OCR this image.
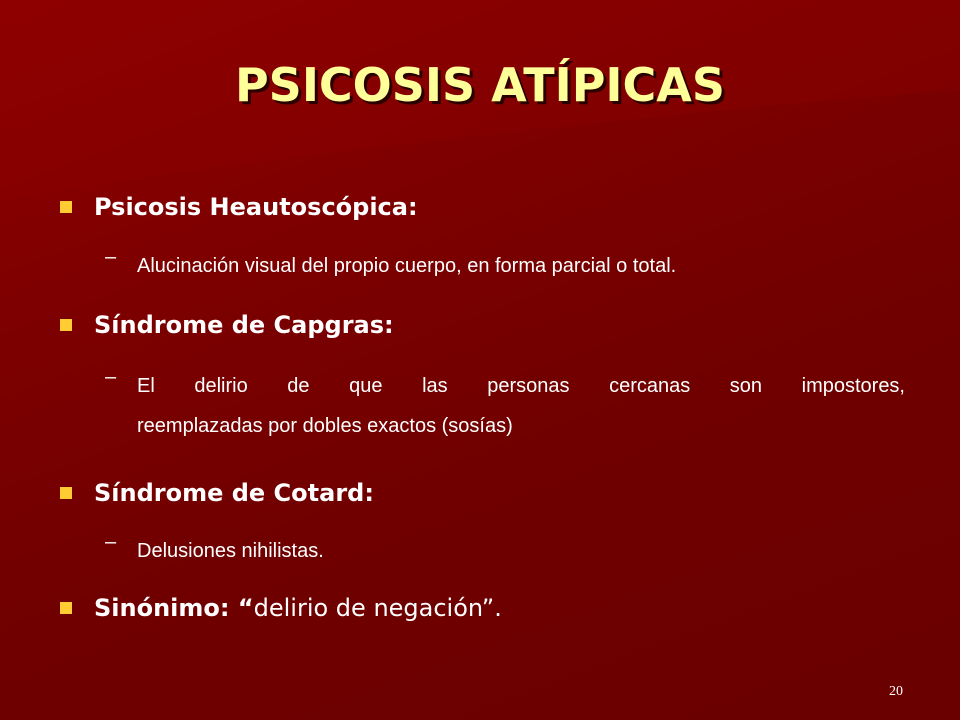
PSICOSIS ATÍPICAS
Psicosis Heautoscópica:
–	Alucinación visual del propio cuerpo, en forma parcial o total.
Síndrome de Capgras:
–	El delirio de que las personas cercanas son impostores,
reemplazadas por dobles exactos (sosías)
Síndrome de Cotard:
–	Delusiones nihilistas.
Sinónimo: “delirio de negación”.
20
